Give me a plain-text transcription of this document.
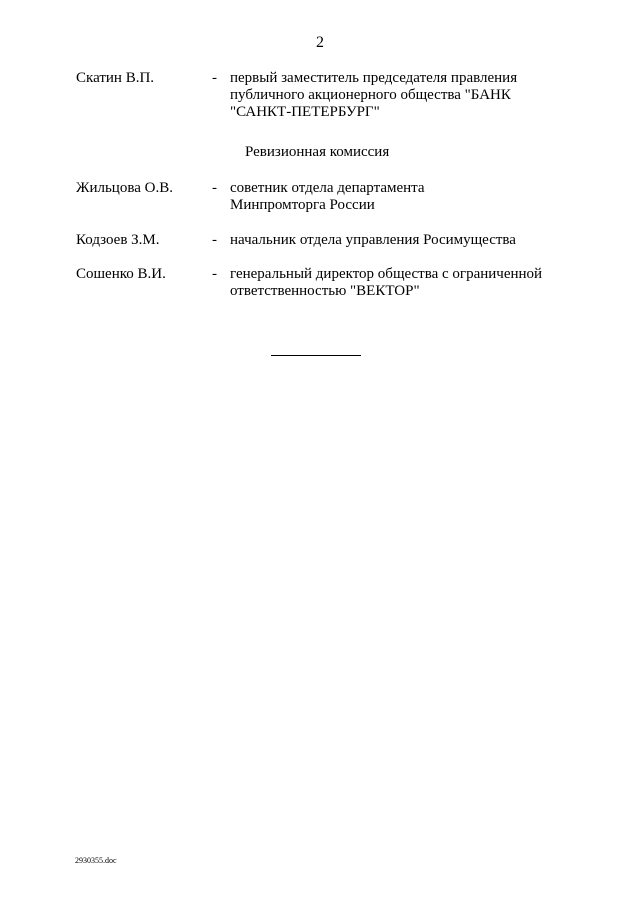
2
Скатин В.П.	- первый заместитель председателя правления
публичного акционерного общества "БАНК
"САНКТ-ПЕТЕРБУРГ"
Ревизионная комиссия
Жильцова О.В.	- советник отдела департамента
Минпромторга России
Кодзоев З.М.	- начальник отдела управления Росимущества
Сошенко В.И.	- генеральный директор общества с ограниченной
ответственностью "ВЕКТОР"
2930355.doc
